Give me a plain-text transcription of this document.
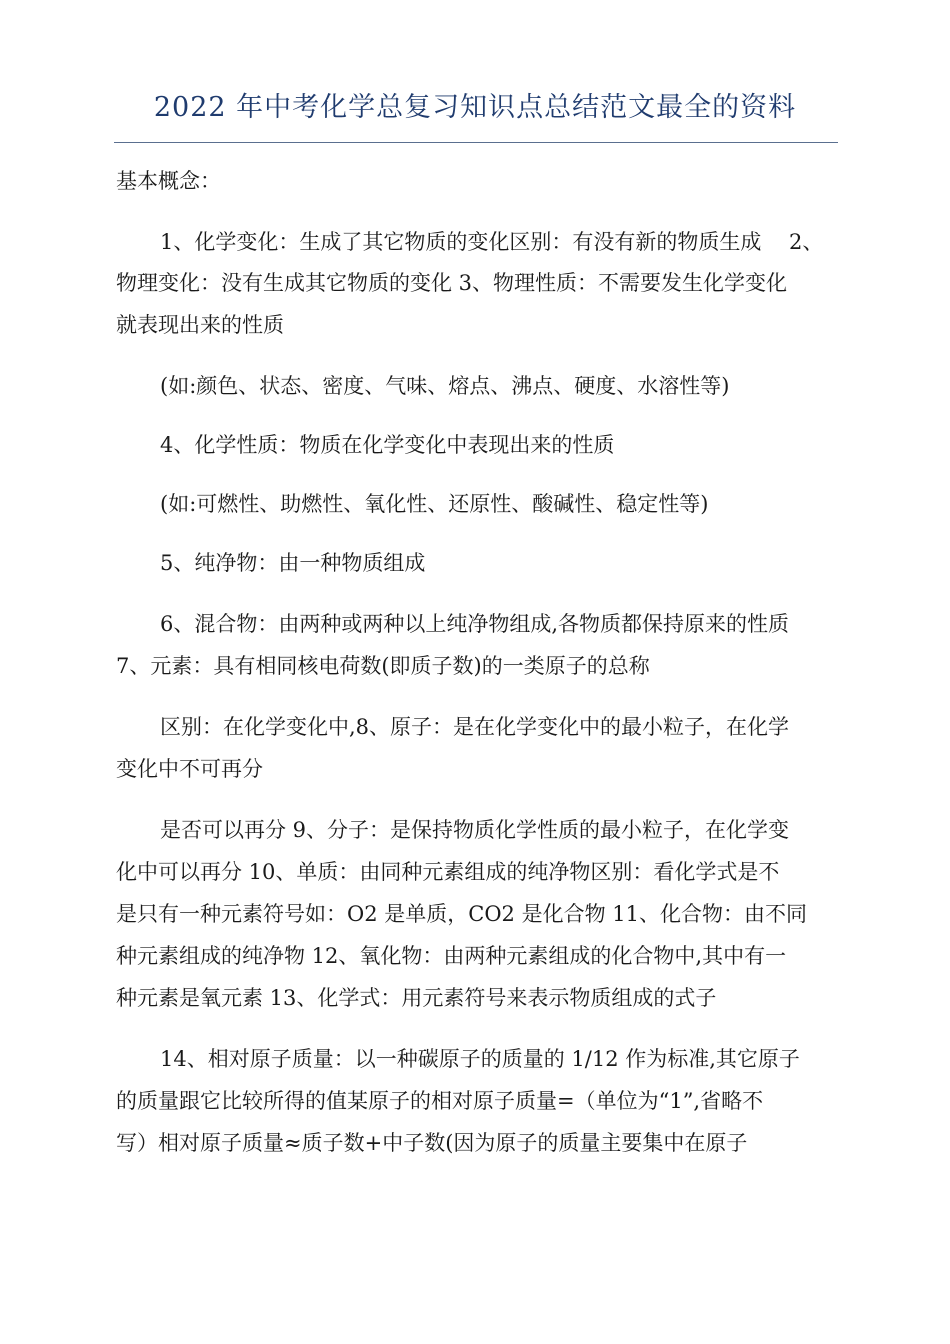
2022 年中考化学总复习知识点总结范文最全的资料
基本概念：
1、化学变化：生成了其它物质的变化区别：有没有新的物质生成　 2、
物理变化：没有生成其它物质的变化 3、物理性质：不需要发生化学变化
就表现出来的性质
(如:颜色、状态、密度、气味、熔点、沸点、硬度、水溶性等)
4、化学性质：物质在化学变化中表现出来的性质
(如:可燃性、助燃性、氧化性、还原性、酸碱性、稳定性等)
5、纯净物：由一种物质组成
6、混合物：由两种或两种以上纯净物组成,各物质都保持原来的性质
7、元素：具有相同核电荷数(即质子数)的一类原子的总称
区别：在化学变化中,8、原子：是在化学变化中的最小粒子，在化学
变化中不可再分
是否可以再分 9、分子：是保持物质化学性质的最小粒子，在化学变
化中可以再分 10、单质：由同种元素组成的纯净物区别：看化学式是不
是只有一种元素符号如：O2 是单质，CO2 是化合物 11、化合物：由不同
种元素组成的纯净物 12、氧化物：由两种元素组成的化合物中,其中有一
种元素是氧元素 13、化学式：用元素符号来表示物质组成的式子
14、相对原子质量：以一种碳原子的质量的 1/12 作为标准,其它原子
的质量跟它比较所得的值某原子的相对原子质量=（单位为“1”,省略不
写）相对原子质量≈质子数+中子数(因为原子的质量主要集中在原子
